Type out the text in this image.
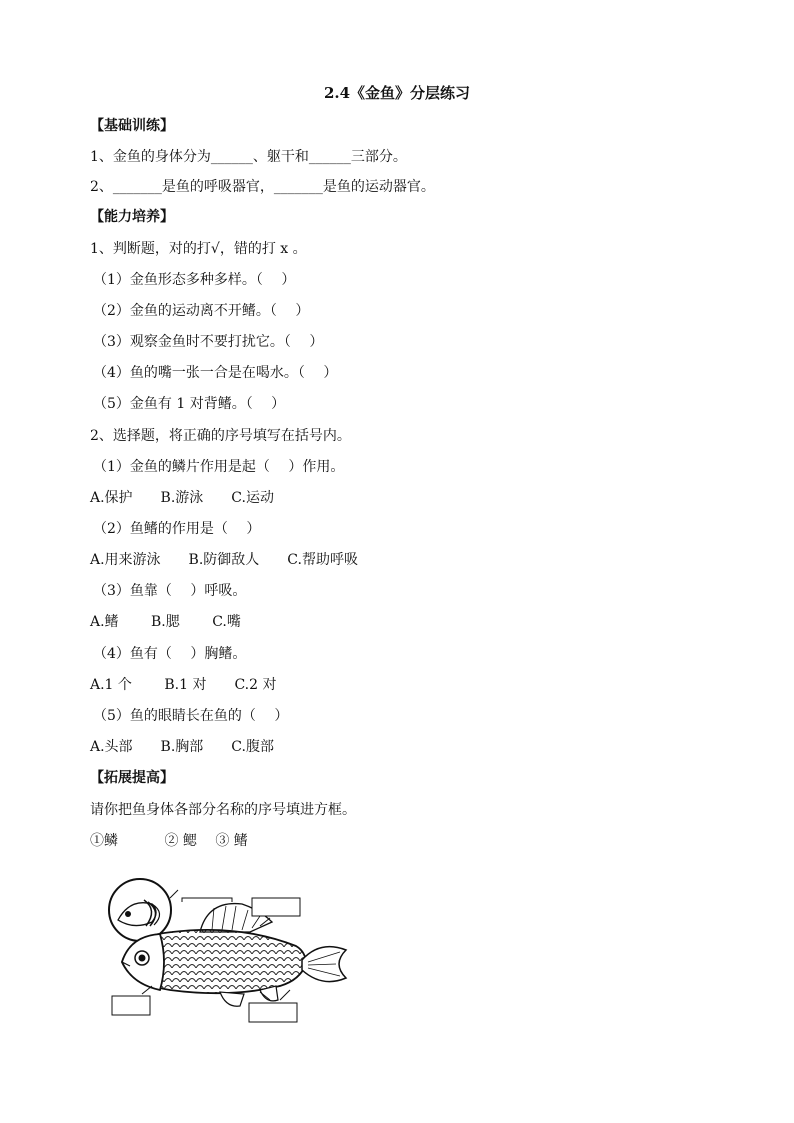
2.4《金鱼》分层练习
【基础训练】
1、金鱼的身体分为______、躯干和______三部分。
2、_______是鱼的呼吸器官，_______是鱼的运动器官。
【能力培养】
1、判断题，对的打√，错的打 x 。
（1）金鱼形态多种多样。（　 ）
（2）金鱼的运动离不开鳍。（　 ）
（3）观察金鱼时不要打扰它。（　 ）
（4）鱼的嘴一张一合是在喝水。（　 ）
（5）金鱼有 1 对背鳍。（　 ）
2、选择题，将正确的序号填写在括号内。
（1）金鱼的鳞片作用是起（　 ）作用。
A.保护　　B.游泳　　C.运动
（2）鱼鳍的作用是（　 ）
A.用来游泳　　B.防御敌人　　C.帮助呼吸
（3）鱼靠（　 ）呼吸。
A.鳍　　 B.腮　　 C.嘴
（4）鱼有（　 ）胸鳍。
A.1 个　　 B.1 对　　C.2 对
（5）鱼的眼睛长在鱼的（　 ）
A.头部　　B.胸部　　C.腹部
【拓展提高】
请你把鱼身体各部分名称的序号填进方框。
①鳞　　　 ② 鳃　 ③ 鳍
